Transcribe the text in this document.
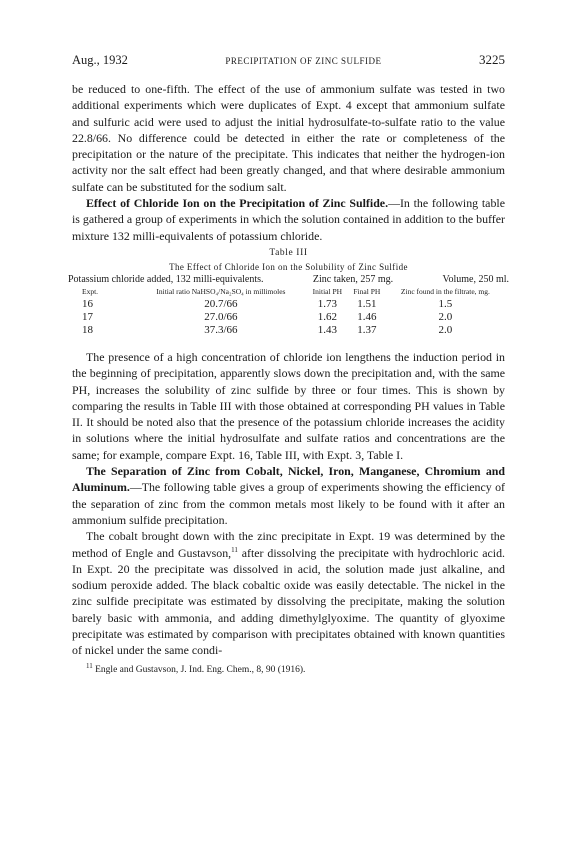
Aug., 1932	PRECIPITATION OF ZINC SULFIDE	3225

be reduced to one-fifth. The effect of the use of ammonium sulfate was tested in two additional experiments which were duplicates of Expt. 4 except that ammonium sulfate and sulfuric acid were used to adjust the initial hydrosulfate-to-sulfate ratio to the value 22.8/66. No difference could be detected in either the rate or completeness of the precipitation or the nature of the precipitate. This indicates that neither the hydrogen-ion activity nor the salt effect had been greatly changed, and that where desirable ammonium sulfate can be substituted for the sodium salt.

Effect of Chloride Ion on the Precipitation of Zinc Sulfide.—In the following table is gathered a group of experiments in which the solution contained in addition to the buffer mixture 132 milli-equivalents of potassium chloride.

Table III
The Effect of Chloride Ion on the Solubility of Zinc Sulfide
Potassium chloride added, 132 milli-equivalents.	Zinc taken, 257 mg.	Volume, 250 ml.
Expt.	Initial ratio NaHSO₄/Na₂SO₄ in millimoles	Initial PH	Final PH	Zinc found in the filtrate, mg.
16	20.7/66	1.73	1.51	1.5
17	27.0/66	1.62	1.46	2.0
18	37.3/66	1.43	1.37	2.0

The presence of a high concentration of chloride ion lengthens the induction period in the beginning of precipitation, apparently slows down the precipitation and, with the same PH, increases the solubility of zinc sulfide by three or four times. This is shown by comparing the results in Table III with those obtained at corresponding PH values in Table II. It should be noted also that the presence of the potassium chloride increases the acidity in solutions where the initial hydrosulfate and sulfate ratios and concentrations are the same; for example, compare Expt. 16, Table III, with Expt. 3, Table I.

The Separation of Zinc from Cobalt, Nickel, Iron, Manganese, Chromium and Aluminum.—The following table gives a group of experiments showing the efficiency of the separation of zinc from the common metals most likely to be found with it after an ammonium sulfide precipitation.

The cobalt brought down with the zinc precipitate in Expt. 19 was determined by the method of Engle and Gustavson,$^{11}$ after dissolving the precipitate with hydrochloric acid. In Expt. 20 the precipitate was dissolved in acid, the solution made just alkaline, and sodium peroxide added. The black cobaltic oxide was easily detectable. The nickel in the zinc sulfide precipitate was estimated by dissolving the precipitate, making the solution barely basic with ammonia, and adding dimethylglyoxime. The quantity of glyoxime precipitate was estimated by comparison with precipitates obtained with known quantities of nickel under the same condi-

$^{11}$ Engle and Gustavson, J. Ind. Eng. Chem., 8, 90 (1916).
